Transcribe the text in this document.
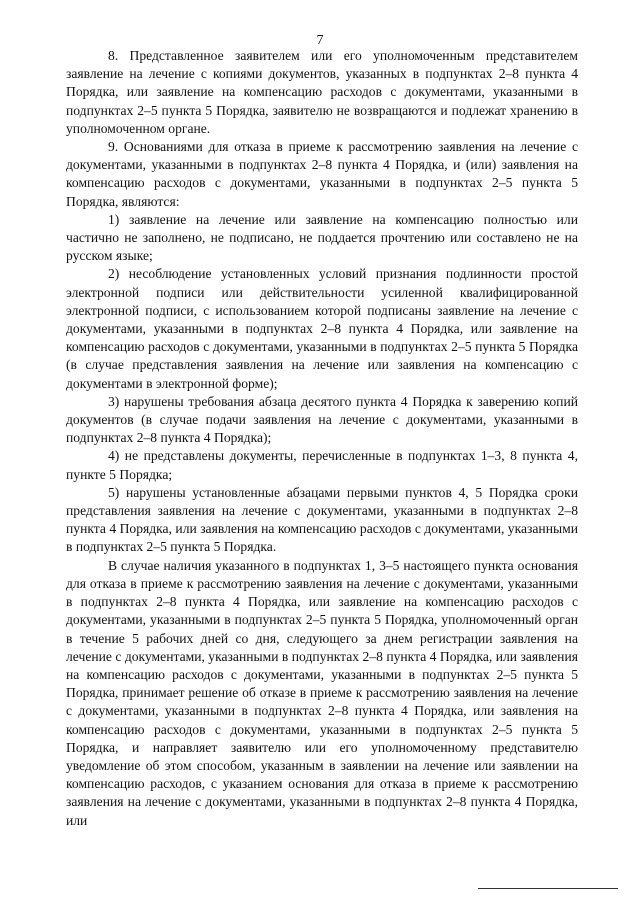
7

8. Представленное заявителем или его уполномоченным представителем заявление на лечение с копиями документов, указанных в подпунктах 2–8 пункта 4 Порядка, или заявление на компенсацию расходов с документами, указанными в подпунктах 2–5 пункта 5 Порядка, заявителю не возвращаются и подлежат хранению в уполномоченном органе.

9. Основаниями для отказа в приеме к рассмотрению заявления на лечение с документами, указанными в подпунктах 2–8 пункта 4 Порядка, и (или) заявления на компенсацию расходов с документами, указанными в подпунктах 2–5 пункта 5 Порядка, являются:

1) заявление на лечение или заявление на компенсацию полностью или частично не заполнено, не подписано, не поддается прочтению или составлено не на русском языке;

2) несоблюдение установленных условий признания подлинности простой электронной подписи или действительности усиленной квалифицированной электронной подписи, с использованием которой подписаны заявление на лечение с документами, указанными в подпунктах 2–8 пункта 4 Порядка, или заявление на компенсацию расходов с документами, указанными в подпунктах 2–5 пункта 5 Порядка (в случае представления заявления на лечение или заявления на компенсацию с документами в электронной форме);

3) нарушены требования абзаца десятого пункта 4 Порядка к заверению копий документов (в случае подачи заявления на лечение с документами, указанными в подпунктах 2–8 пункта 4 Порядка);

4) не представлены документы, перечисленные в подпунктах 1–3, 8 пункта 4, пункте 5 Порядка;

5) нарушены установленные абзацами первыми пунктов 4, 5 Порядка сроки представления заявления на лечение с документами, указанными в подпунктах 2–8 пункта 4 Порядка, или заявления на компенсацию расходов с документами, указанными в подпунктах 2–5 пункта 5 Порядка.

В случае наличия указанного в подпунктах 1, 3–5 настоящего пункта основания для отказа в приеме к рассмотрению заявления на лечение с документами, указанными в подпунктах 2–8 пункта 4 Порядка, или заявление на компенсацию расходов с документами, указанными в подпунктах 2–5 пункта 5 Порядка, уполномоченный орган в течение 5 рабочих дней со дня, следующего за днем регистрации заявления на лечение с документами, указанными в подпунктах 2–8 пункта 4 Порядка, или заявления на компенсацию расходов с документами, указанными в подпунктах 2–5 пункта 5 Порядка, принимает решение об отказе в приеме к рассмотрению заявления на лечение с документами, указанными в подпунктах 2–8 пункта 4 Порядка, или заявления на компенсацию расходов с документами, указанными в подпунктах 2–5 пункта 5 Порядка, и направляет заявителю или его уполномоченному представителю уведомление об этом способом, указанным в заявлении на лечение или заявлении на компенсацию расходов, с указанием основания для отказа в приеме к рассмотрению заявления на лечение с документами, указанными в подпунктах 2–8 пункта 4 Порядка, или
